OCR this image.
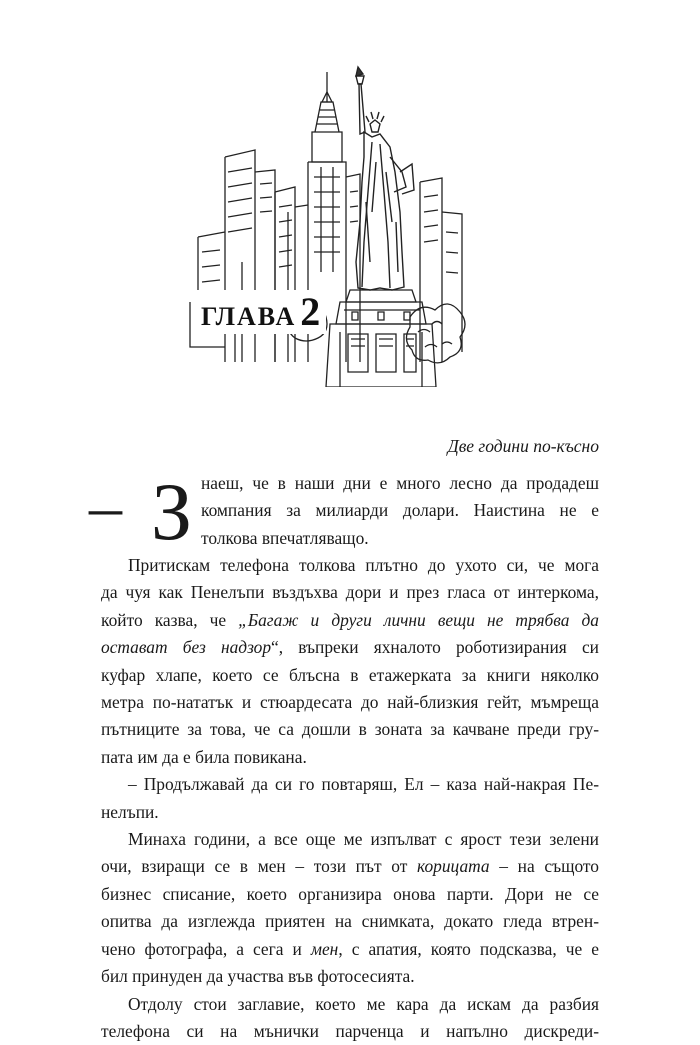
ГЛАВА 2

Две години по-късно

– З наеш, че в наши дни е много лесно да продадеш
компания за милиарди долари. Наистина не е
толкова впечатляващо.

Притискам телефона толкова плътно до ухото си, че мога
да чуя как Пенелъпи въздъхва дори и през гласа от интеркома,
който казва, че „Багаж и други лични вещи не трябва да
остават без надзор“, въпреки яхналото роботизирания си
куфар хлапе, което се блъсна в етажерката за книги няколко
метра по-нататък и стюардесата до най-близкия гейт, мъмреща
пътниците за това, че са дошли в зоната за качване преди гру-
пата им да е била повикана.

– Продължавай да си го повтаряш, Ел – каза най-накрая Пе-
нелъпи.

Минаха години, а все още ме изпълват с ярост тези зелени
очи, взиращи се в мен – този път от корицата – на същото
бизнес списание, което организира онова парти. Дори не се
опитва да изглежда приятен на снимката, докато гледа втрен-
чено фотографа, а сега и мен, с апатия, която подсказва, че е
бил принуден да участва във фотосесията.

Отдолу стои заглавие, което ме кара да искам да разбия
телефона си на мънички парченца и напълно дискреди-
